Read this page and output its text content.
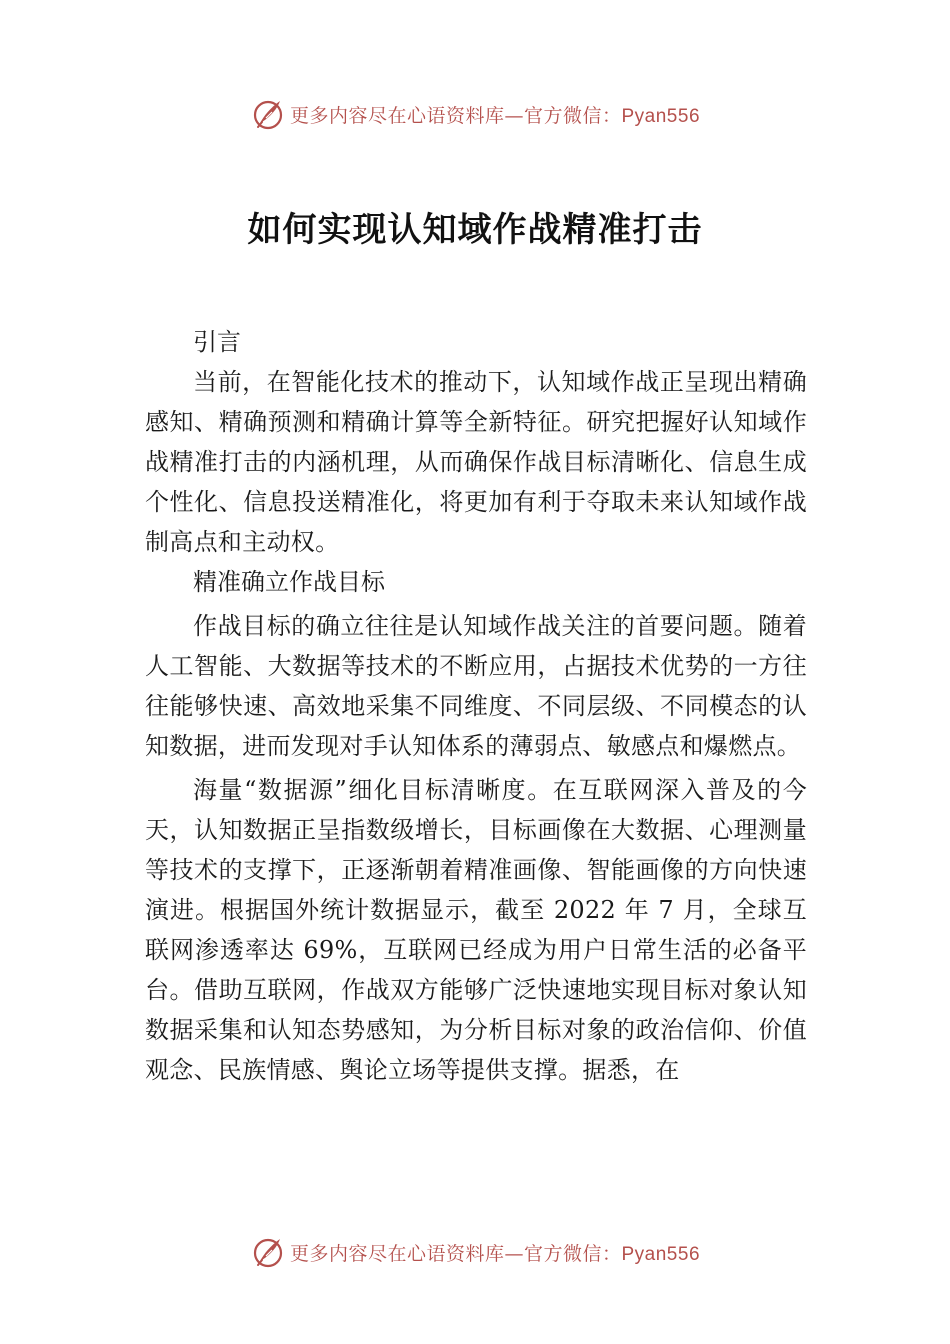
更多内容尽在心语资料库—官方微信：Pyan556
如何实现认知域作战精准打击

引言

当前，在智能化技术的推动下，认知域作战正呈现出精确感知、精确预测和精确计算等全新特征。研究把握好认知域作战精准打击的内涵机理，从而确保作战目标清晰化、信息生成个性化、信息投送精准化，将更加有利于夺取未来认知域作战制高点和主动权。

精准确立作战目标

作战目标的确立往往是认知域作战关注的首要问题。随着人工智能、大数据等技术的不断应用，占据技术优势的一方往往能够快速、高效地采集不同维度、不同层级、不同模态的认知数据，进而发现对手认知体系的薄弱点、敏感点和爆燃点。

海量“数据源”细化目标清晰度。在互联网深入普及的今天，认知数据正呈指数级增长，目标画像在大数据、心理测量等技术的支撑下，正逐渐朝着精准画像、智能画像的方向快速演进。根据国外统计数据显示，截至 2022 年 7 月，全球互联网渗透率达 69%，互联网已经成为用户日常生活的必备平台。借助互联网，作战双方能够广泛快速地实现目标对象认知数据采集和认知态势感知，为分析目标对象的政治信仰、价值观念、民族情感、舆论立场等提供支撑。据悉，在

更多内容尽在心语资料库—官方微信：Pyan556
